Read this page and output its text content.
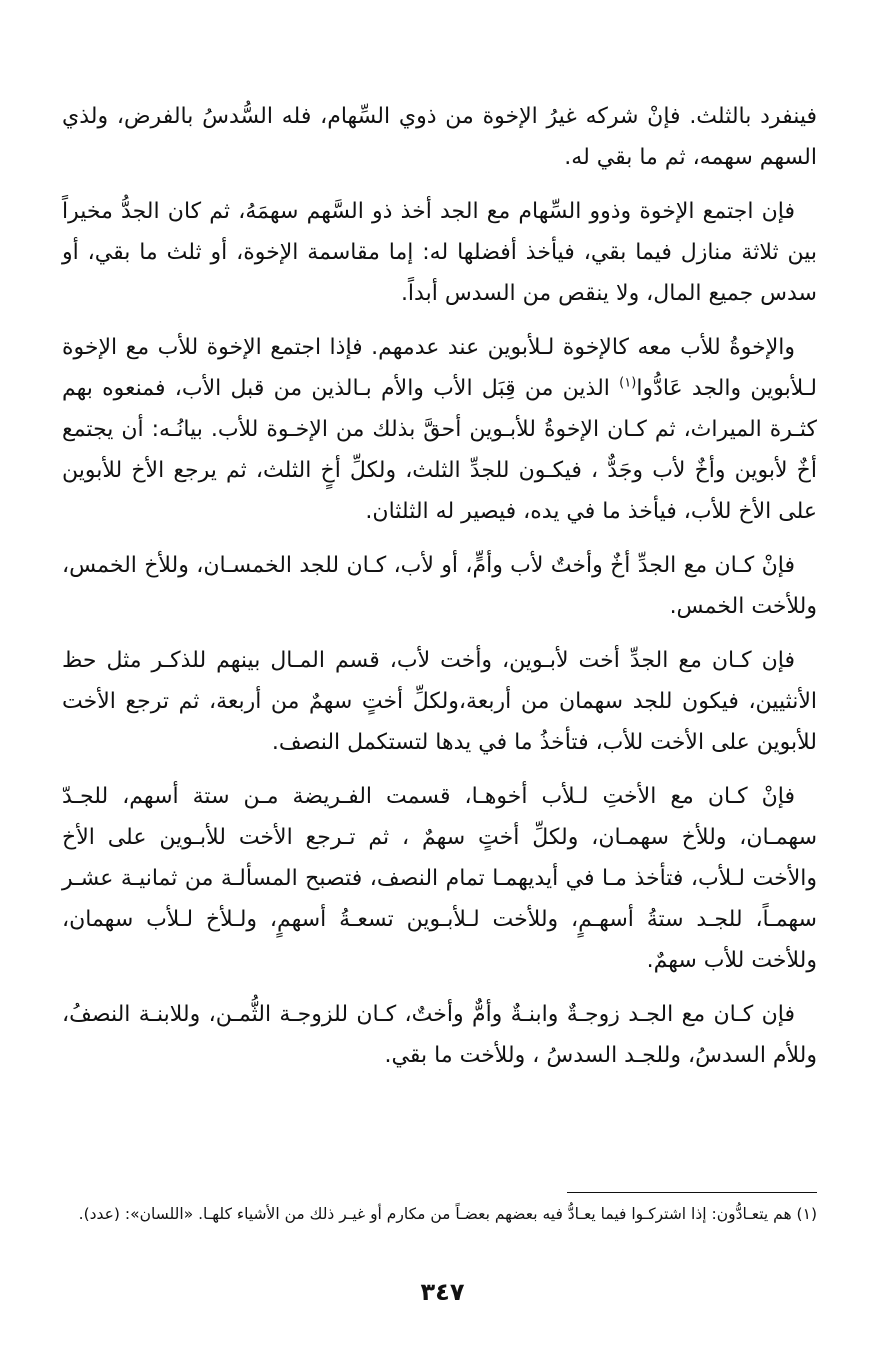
فينفرد بالثلث. فإنْ شركه غيرُ الإخوة من ذوي السِّهام، فله السُّدسُ بالفرض، ولذي السهم سهمه، ثم ما بقي له.

فإن اجتمع الإخوة وذوو السِّهام مع الجد أخذ ذو السَّهم سهمَهُ، ثم كان الجدُّ مخيراً بين ثلاثة منازل فيما بقي، فيأخذ أفضلها له: إما مقاسمة الإخوة، أو ثلث ما بقي، أو سدس جميع المال، ولا ينقص من السدس أبداً.

والإخوةُ للأب معه كالإخوة لـلأبوين عند عدمهم. فإذا اجتمع الإخوة للأب مع الإخوة لـلأبوين والجد عَادُّوا$^{(١)}$ الذين من قِبَل الأب والأم بـالذين من قبل الأب، فمنعوه بهم كثـرة الميراث، ثم كـان الإخوةُ للأبـوين أحقَّ بذلك من الإخـوة للأب. بيانُـه: أن يجتمع أخٌ لأبوين وأخٌ لأب وجَدٌّ ، فيكـون للجدِّ الثلث، ولكلِّ أخٍ الثلث، ثم يرجع الأخ للأبوين على الأخ للأب، فيأخذ ما في يده، فيصير له الثلثان.

فإنْ كـان مع الجدِّ أخٌ وأختٌ لأب وأمٍّ، أو لأب، كـان للجد الخمسـان، وللأخ الخمس، وللأخت الخمس.

فإن كـان مع الجدِّ أخت لأبـوين، وأخت لأب، قسم المـال بينهم للذكـر مثل حظ الأنثيين، فيكون للجد سهمان من أربعة،ولكلِّ أختٍ سهمٌ من أربعة، ثم ترجع الأخت للأبوين على الأخت للأب، فتأخذُ ما في يدها لتستكمل النصف.

فإنْ كـان مع الأختِ لـلأب أخوهـا، قسمت الفـريضة مـن ستة أسهم، للجـدّ سهمـان، وللأخ سهمـان، ولكلِّ أختٍ سهمٌ ، ثم تـرجع الأخت للأبـوين على الأخ والأخت لـلأب، فتأخذ مـا في أيديهمـا تمام النصف، فتصبح المسألـة من ثمانيـة عشـر سهمـاً، للجـد ستةُ أسهـمٍ، وللأخت لـلأبـوين تسعـةُ أسهمٍ، ولـلأخ لـلأب سهمان، وللأخت للأب سهمٌ.

فإن كـان مع الجـد زوجـةٌ وابنـةٌ وأمٌّ وأختٌ، كـان للزوجـة الثُّمـن، وللابنـة النصفُ، وللأم السدسُ، وللجـد السدسُ ، وللأخت ما بقي.

(١) هم يتعـادُّون: إذا اشتركـوا فيما يعـادُّ فيه بعضهم بعضـاً من مكارم أو غيـر ذلك من الأشياء كلهـا. «اللسان»: (عدد).
٣٤٧
